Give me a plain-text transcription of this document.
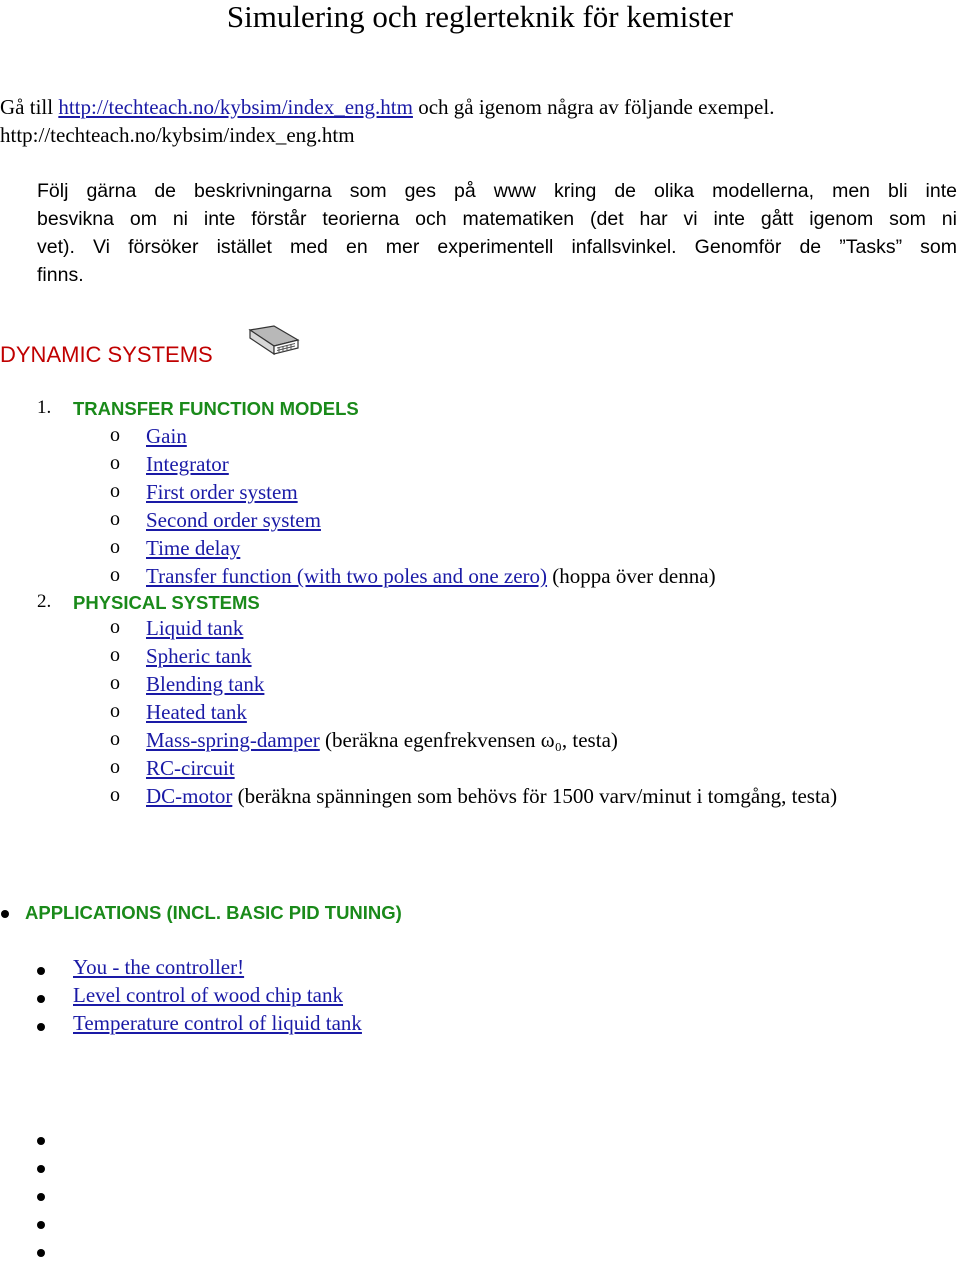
Simulering och reglerteknik för kemister
Gå till http://techteach.no/kybsim/index_eng.htm och gå igenom några av följande exempel.
http://techteach.no/kybsim/index_eng.htm
Följ gärna de beskrivningarna som ges på www kring de olika modellerna, men bli inte
besvikna om ni inte förstår teorierna och matematiken (det har vi inte gått igenom som ni
vet). Vi försöker istället med en mer experimentell infallsvinkel. Genomför de ”Tasks” som
finns.
DYNAMIC SYSTEMS
1. TRANSFER FUNCTION MODELS
o Gain
o Integrator
o First order system
o Second order system
o Time delay
o Transfer function (with two poles and one zero) (hoppa över denna)
2. PHYSICAL SYSTEMS
o Liquid tank
o Spheric tank
o Blending tank
o Heated tank
o Mass-spring-damper (beräkna egenfrekvensen ω₀, testa)
o RC-circuit
o DC-motor (beräkna spänningen som behövs för 1500 varv/minut i tomgång, testa)
APPLICATIONS (INCL. BASIC PID TUNING)
You - the controller!
Level control of wood chip tank
Temperature control of liquid tank
